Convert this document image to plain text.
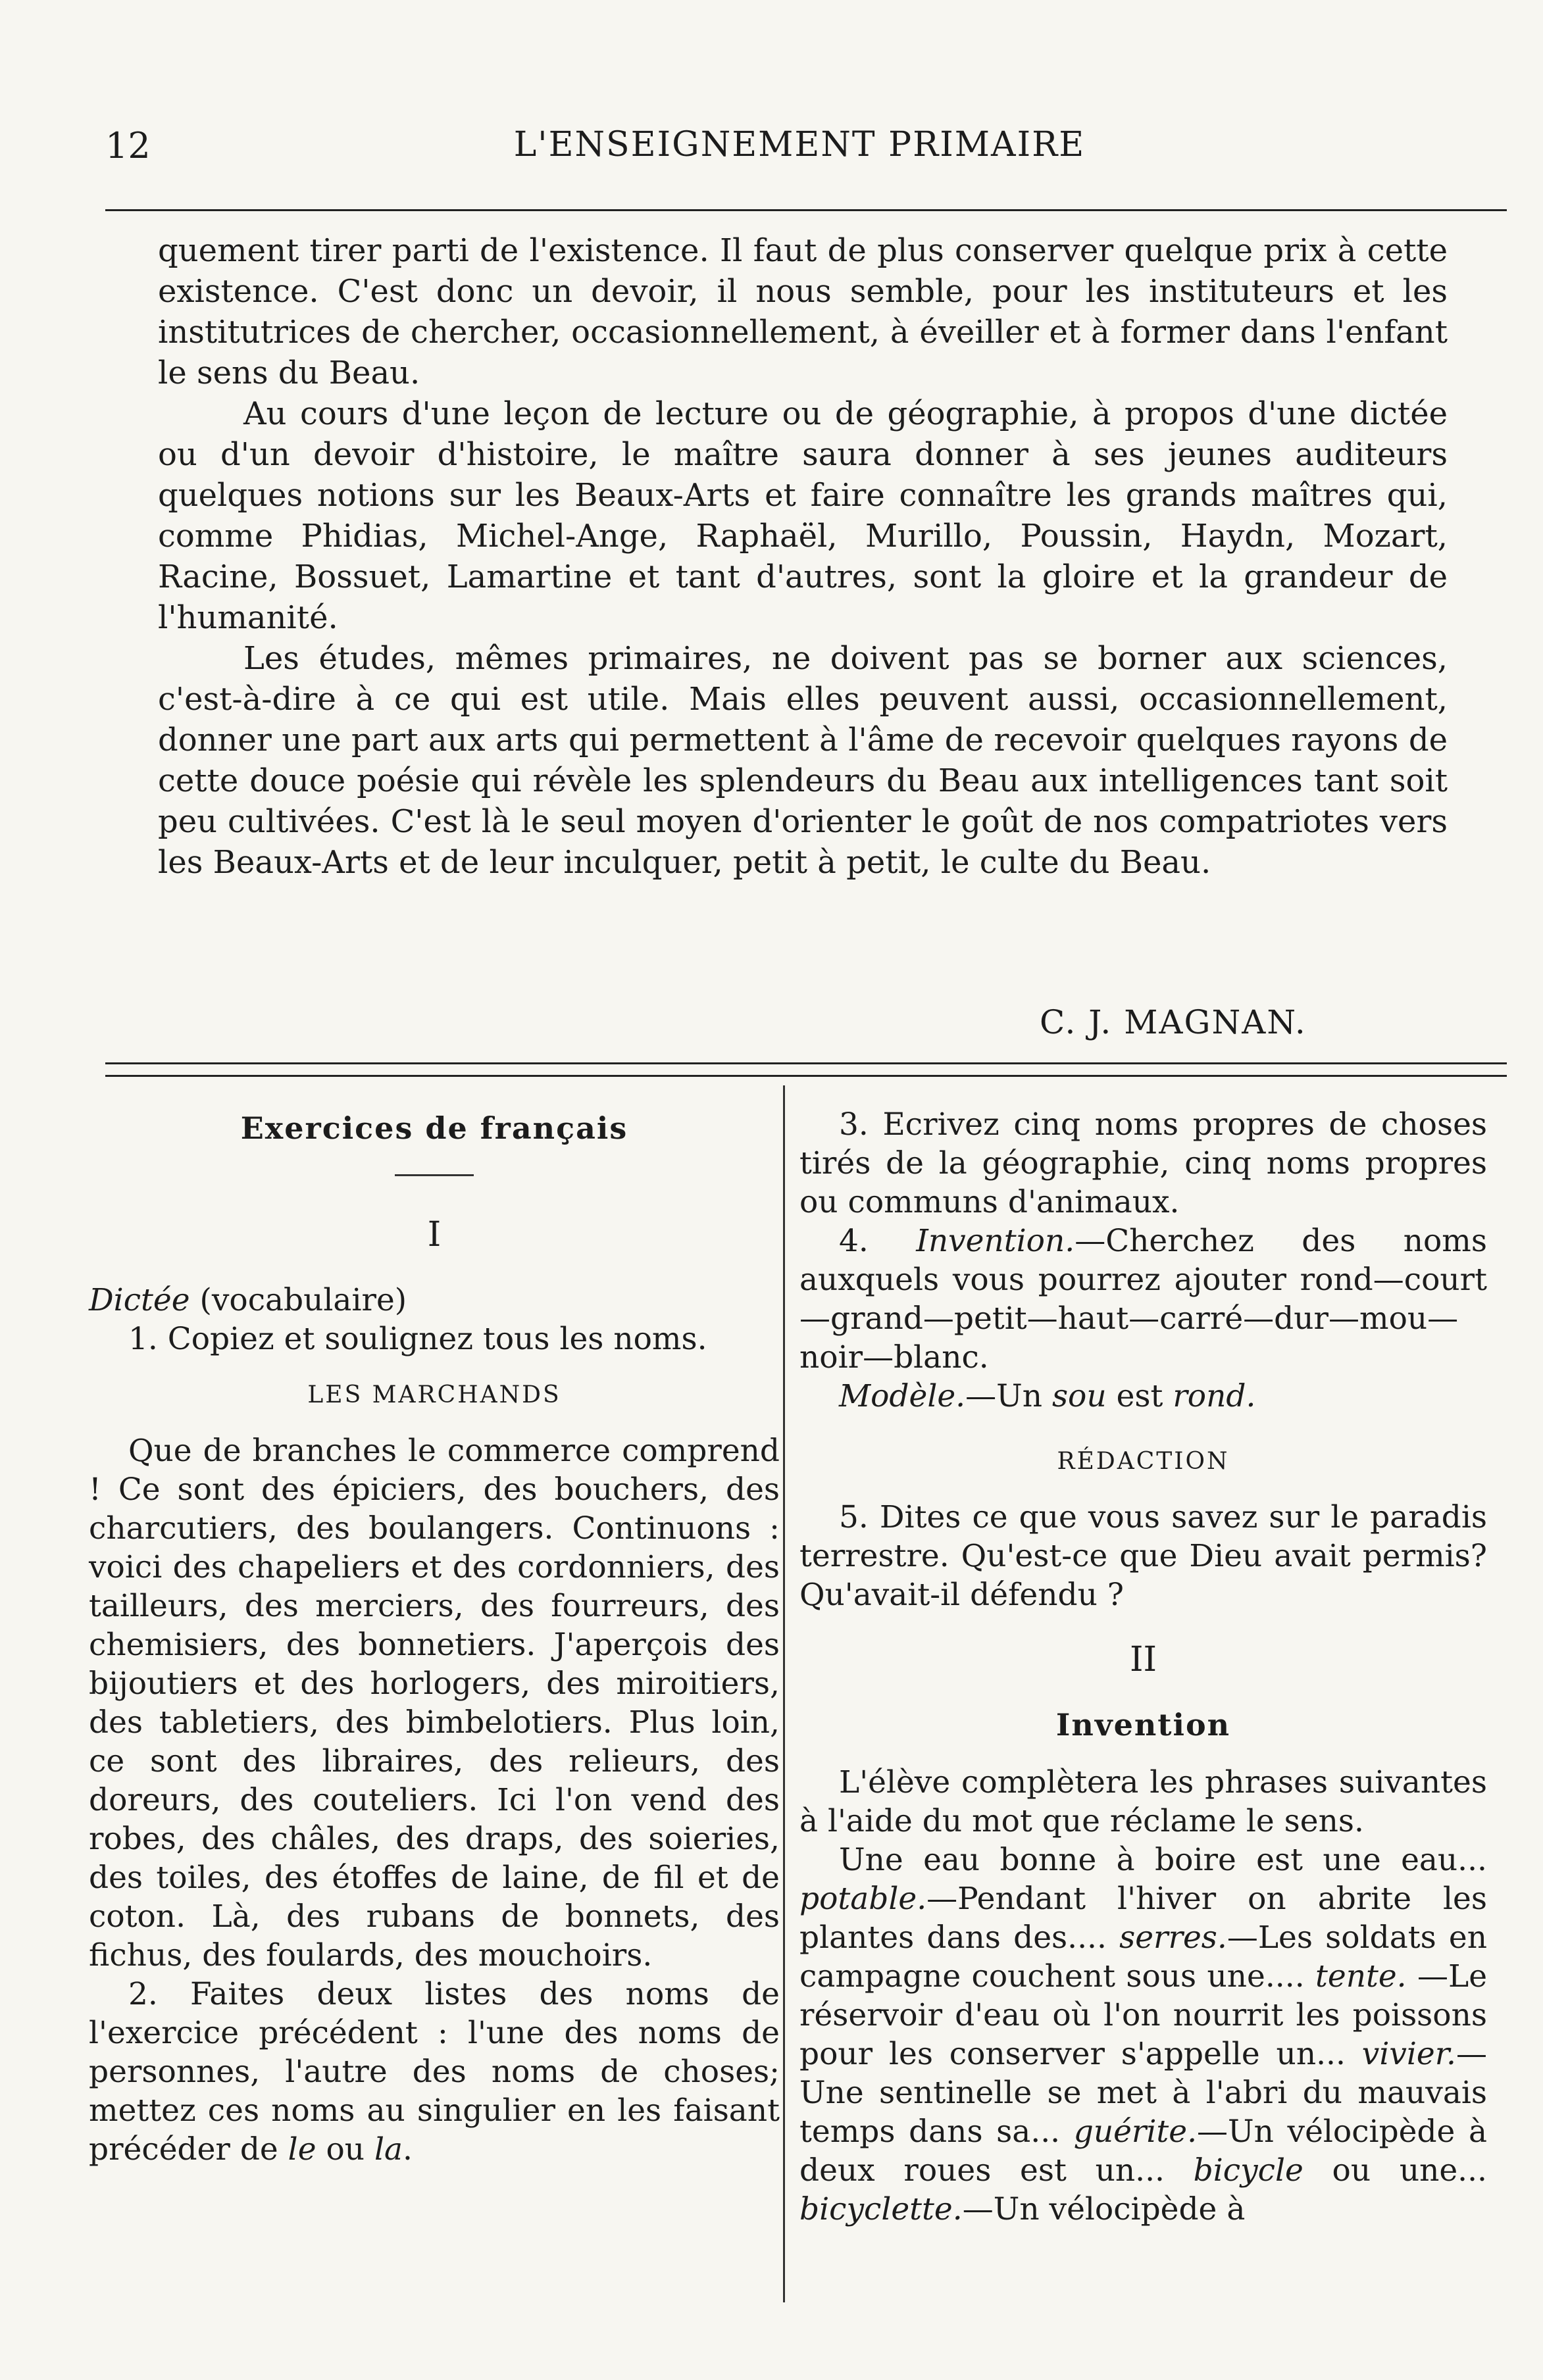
12	L'ENSEIGNEMENT PRIMAIRE

quement tirer parti de l'existence. Il faut de plus conserver quelque prix à cette existence. C'est donc un devoir, il nous semble, pour les instituteurs et les institutrices de chercher, occasionnellement, à éveiller et à former dans l'enfant le sens du Beau.

Au cours d'une leçon de lecture ou de géographie, à propos d'une dictée ou d'un devoir d'histoire, le maître saura donner à ses jeunes auditeurs quelques notions sur les Beaux-Arts et faire connaître les grands maîtres qui, comme Phidias, Michel-Ange, Raphaël, Murillo, Poussin, Haydn, Mozart, Racine, Bossuet, Lamartine et tant d'autres, sont la gloire et la grandeur de l'humanité.

Les études, mêmes primaires, ne doivent pas se borner aux sciences, c'est-à-dire à ce qui est utile. Mais elles peuvent aussi, occasionnellement, donner une part aux arts qui permettent à l'âme de recevoir quelques rayons de cette douce poésie qui révèle les splendeurs du Beau aux intelligences tant soit peu cultivées. C'est là le seul moyen d'orienter le goût de nos compatriotes vers les Beaux-Arts et de leur inculquer, petit à petit, le culte du Beau.

C. J. MAGNAN.
Exercices de français
I

Dictée (vocabulaire)

1. Copiez et soulignez tous les noms.

LES MARCHANDS

Que de branches le commerce comprend ! Ce sont des épiciers, des bouchers, des charcutiers, des boulangers. Continuons : voici des chapeliers et des cordonniers, des tailleurs, des merciers, des fourreurs, des chemisiers, des bonnetiers. J'aperçois des bijoutiers et des horlogers, des miroitiers, des tabletiers, des bimbelotiers. Plus loin, ce sont des libraires, des relieurs, des doreurs, des couteliers. Ici l'on vend des robes, des châles, des draps, des soieries, des toiles, des étoffes de laine, de fil et de coton. Là, des rubans de bonnets, des fichus, des foulards, des mouchoirs.

2. Faites deux listes des noms de l'exercice précédent : l'une des noms de personnes, l'autre des noms de choses; mettez ces noms au singulier en les faisant précéder de le ou la.

3. Ecrivez cinq noms propres de choses tirés de la géographie, cinq noms propres ou communs d'animaux.

4. Invention.—Cherchez des noms auxquels vous pourrez ajouter rond—court—grand—petit—haut—carré—dur—mou—noir—blanc.

Modèle.—Un sou est rond.

RÉDACTION

5. Dites ce que vous savez sur le paradis terrestre. Qu'est-ce que Dieu avait permis? Qu'avait-il défendu ?

II
Invention

L'élève complètera les phrases suivantes à l'aide du mot que réclame le sens.

Une eau bonne à boire est une eau... potable.—Pendant l'hiver on abrite les plantes dans des.... serres.—Les soldats en campagne couchent sous une.... tente. —Le réservoir d'eau où l'on nourrit les poissons pour les conserver s'appelle un... vivier.—Une sentinelle se met à l'abri du mauvais temps dans sa... guérite.—Un vélocipède à deux roues est un... bicycle ou une... bicyclette.—Un vélocipède à
